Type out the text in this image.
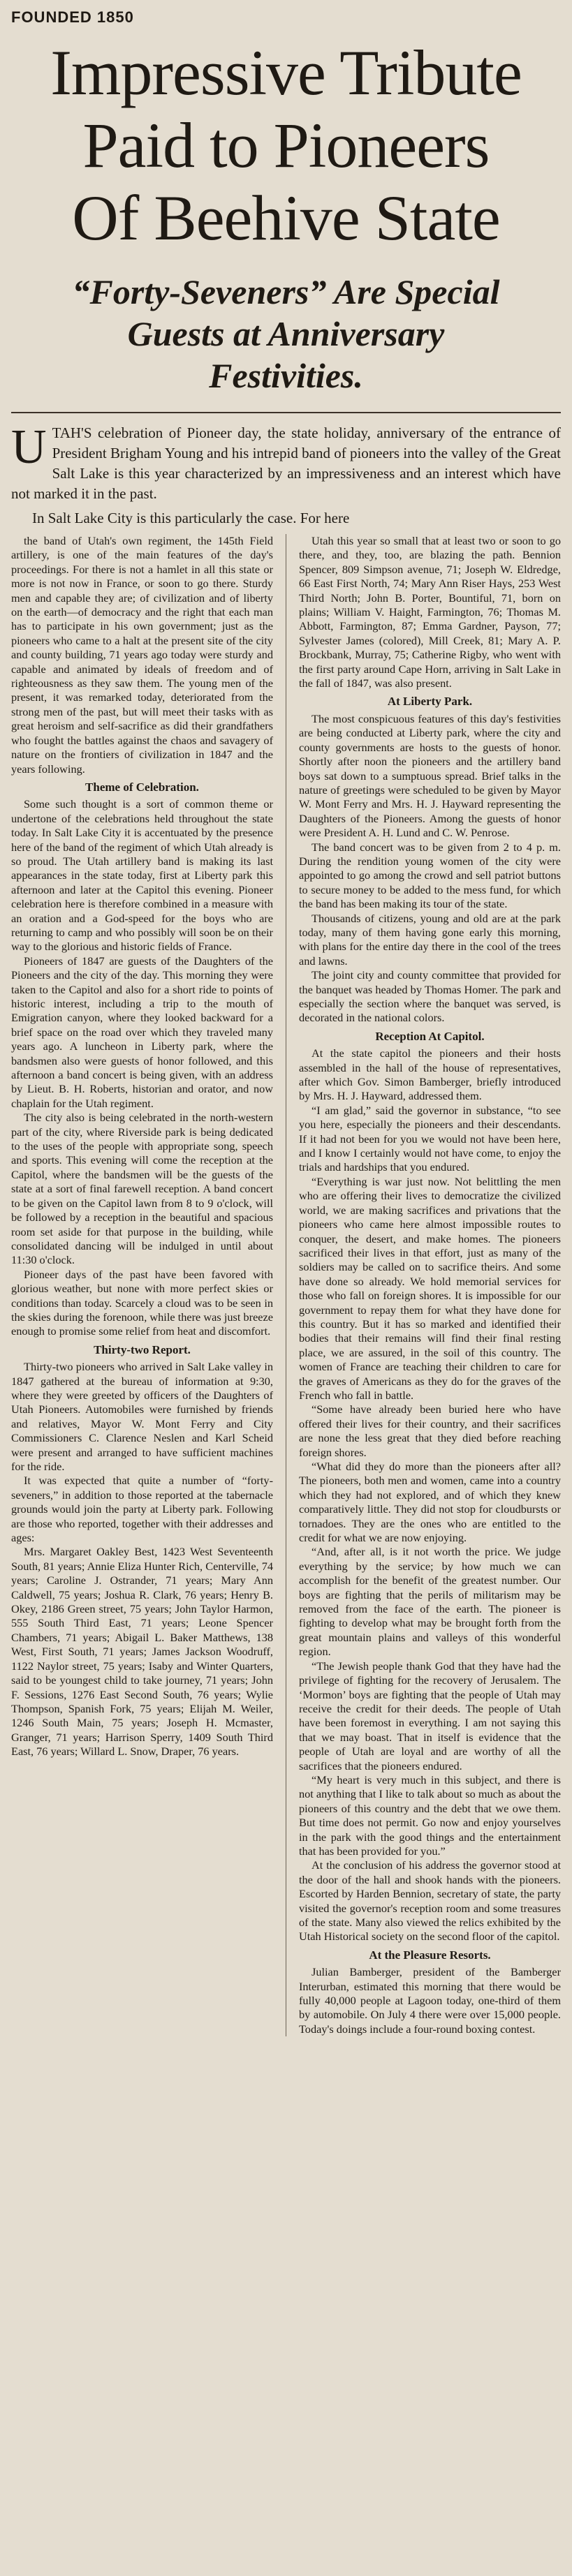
FOUNDED 1850
Impressive Tribute
Paid to Pioneers
Of Beehive State
“Forty-Seveners” Are Special
Guests at Anniversary
Festivities.
U TAH'S celebration of Pioneer day, the state holiday, anniversary of the entrance of President Brigham Young and his intrepid band of pioneers into the valley of the Great Salt Lake is this year characterized by an impressiveness and an interest which have not marked it in the past.

In Salt Lake City is this particularly the case. For here

the band of Utah's own regiment, the 145th Field artillery, is one of the main features of the day's proceedings. For there is not a hamlet in all this state or more is not now in France, or soon to go there. Sturdy men and capable they are; of civilization and of liberty on the earth—of democracy and the right that each man has to participate in his own government; just as the pioneers who came to a halt at the present site of the city and county building, 71 years ago today were sturdy and capable and animated by ideals of freedom and of righteousness as they saw them. The young men of the present, it was remarked today, deteriorated from the strong men of the past, but will meet their tasks with as great heroism and self-sacrifice as did their grandfathers who fought the battles against the chaos and savagery of nature on the frontiers of civilization in 1847 and the years following.

Theme of Celebration.

Some such thought is a sort of common theme or undertone of the celebrations held throughout the state today. In Salt Lake City it is accentuated by the presence here of the band of the regiment of which Utah already is so proud. The Utah artillery band is making its last appearances in the state today, first at Liberty park this afternoon and later at the Capitol this evening. Pioneer celebration here is therefore combined in a measure with an oration and a God-speed for the boys who are returning to camp and who possibly will soon be on their way to the glorious and historic fields of France.

Pioneers of 1847 are guests of the Daughters of the Pioneers and the city of the day. This morning they were taken to the Capitol and also for a short ride to points of historic interest, including a trip to the mouth of Emigration canyon, where they looked backward for a brief space on the road over which they traveled many years ago. A luncheon in Liberty park, where the bandsmen also were guests of honor followed, and this afternoon a band concert is being given, with an address by Lieut. B. H. Roberts, historian and orator, and now chaplain for the Utah regiment.

The city also is being celebrated in the north-western part of the city, where Riverside park is being dedicated to the uses of the people with appropriate song, speech and sports. This evening will come the reception at the Capitol, where the bandsmen will be the guests of the state at a sort of final farewell reception. A band concert to be given on the Capitol lawn from 8 to 9 o'clock, will be followed by a reception in the beautiful and spacious room set aside for that purpose in the building, while consolidated dancing will be indulged in until about 11:30 o'clock.

Pioneer days of the past have been favored with glorious weather, but none with more perfect skies or conditions than today. Scarcely a cloud was to be seen in the skies during the forenoon, while there was just breeze enough to promise some relief from heat and discomfort.

Thirty-two Report.

Thirty-two pioneers who arrived in Salt Lake valley in 1847 gathered at the bureau of information at 9:30, where they were greeted by officers of the Daughters of Utah Pioneers. Automobiles were furnished by friends and relatives, Mayor W. Mont Ferry and City Commissioners C. Clarence Neslen and Karl Scheid were present and arranged to have sufficient machines for the ride.

It was expected that quite a number of “forty-seveners,” in addition to those reported at the tabernacle grounds would join the party at Liberty park. Following are those who reported, together with their addresses and ages:

Mrs. Margaret Oakley Best, 1423 West Seventeenth South, 81 years; Annie Eliza Hunter Rich, Centerville, 74 years; Caroline J. Ostrander, 71 years; Mary Ann Caldwell, 75 years; Joshua R. Clark, 76 years; Henry B. Okey, 2186 Green street, 75 years; John Taylor Harmon, 555 South Third East, 71 years; Leone Spencer Chambers, 71 years; Abigail L. Baker Matthews, 138 West, First South, 71 years; James Jackson Woodruff, 1122 Naylor street, 75 years; Isaby and Winter Quarters, said to be youngest child to take journey, 71 years; John F. Sessions, 1276 East Second South, 76 years; Wylie Thompson, Spanish Fork, 75 years; Elijah M. Weiler, 1246 South Main, 75 years; Joseph H. Mcmaster, Granger, 71 years; Harrison Sperry, 1409 South Third East, 76 years; Willard L. Snow, Draper, 76 years.

Utah this year so small that at least two or soon to go there, and they, too, are blazing the path. Bennion Spencer, 809 Simpson avenue, 71; Joseph W. Eldredge, 66 East First North, 74; Mary Ann Riser Hays, 253 West Third North; John B. Porter, Bountiful, 71, born on plains; William V. Haight, Farmington, 76; Thomas M. Abbott, Farmington, 87; Emma Gardner, Payson, 77; Sylvester James (colored), Mill Creek, 81; Mary A. P. Brockbank, Murray, 75; Catherine Rigby, who went with the first party around Cape Horn, arriving in Salt Lake in the fall of 1847, was also present.

At Liberty Park.

The most conspicuous features of this day's festivities are being conducted at Liberty park, where the city and county governments are hosts to the guests of honor. Shortly after noon the pioneers and the artillery band boys sat down to a sumptuous spread. Brief talks in the nature of greetings were scheduled to be given by Mayor W. Mont Ferry and Mrs. H. J. Hayward representing the Daughters of the Pioneers. Among the guests of honor were President A. H. Lund and C. W. Penrose.

The band concert was to be given from 2 to 4 p. m. During the rendition young women of the city were appointed to go among the crowd and sell patriot buttons to secure money to be added to the mess fund, for which the band has been making its tour of the state.

Thousands of citizens, young and old are at the park today, many of them having gone early this morning, with plans for the entire day there in the cool of the trees and lawns.

The joint city and county committee that provided for the banquet was headed by Thomas Homer. The park and especially the section where the banquet was served, is decorated in the national colors.

Reception At Capitol.

At the state capitol the pioneers and their hosts assembled in the hall of the house of representatives, after which Gov. Simon Bamberger, briefly introduced by Mrs. H. J. Hayward, addressed them.

“I am glad,” said the governor in substance, “to see you here, especially the pioneers and their descendants. If it had not been for you we would not have been here, and I know I certainly would not have come, to enjoy the trials and hardships that you endured.

“Everything is war just now. Not belittling the men who are offering their lives to democratize the civilized world, we are making sacrifices and privations that the pioneers who came here almost impossible routes to conquer, the desert, and make homes. The pioneers sacrificed their lives in that effort, just as many of the soldiers may be called on to sacrifice theirs. And some have done so already. We hold memorial services for those who fall on foreign shores. It is impossible for our government to repay them for what they have done for this country. But it has so marked and identified their bodies that their remains will find their final resting place, we are assured, in the soil of this country. The women of France are teaching their children to care for the graves of Americans as they do for the graves of the French who fall in battle.

“Some have already been buried here who have offered their lives for their country, and their sacrifices are none the less great that they died before reaching foreign shores.

“What did they do more than the pioneers after all? The pioneers, both men and women, came into a country which they had not explored, and of which they knew comparatively little. They did not stop for cloudbursts or tornadoes. They are the ones who are entitled to the credit for what we are now enjoying.

“And, after all, is it not worth the price. We judge everything by the service; by how much we can accomplish for the benefit of the greatest number. Our boys are fighting that the perils of militarism may be removed from the face of the earth. The pioneer is fighting to develop what may be brought forth from the great mountain plains and valleys of this wonderful region.

“The Jewish people thank God that they have had the privilege of fighting for the recovery of Jerusalem. The ‘Mormon’ boys are fighting that the people of Utah may receive the credit for their deeds. The people of Utah have been foremost in everything. I am not saying this that we may boast. That in itself is evidence that the people of Utah are loyal and are worthy of all the sacrifices that the pioneers endured.

“My heart is very much in this subject, and there is not anything that I like to talk about so much as about the pioneers of this country and the debt that we owe them. But time does not permit. Go now and enjoy yourselves in the park with the good things and the entertainment that has been provided for you.”

At the conclusion of his address the governor stood at the door of the hall and shook hands with the pioneers. Escorted by Harden Bennion, secretary of state, the party visited the governor's reception room and some treasures of the state. Many also viewed the relics exhibited by the Utah Historical society on the second floor of the capitol.

At the Pleasure Resorts.

Julian Bamberger, president of the Bamberger Interurban, estimated this morning that there would be fully 40,000 people at Lagoon today, one-third of them by automobile. On July 4 there were over 15,000 people. Today's doings include a four-round boxing contest.
